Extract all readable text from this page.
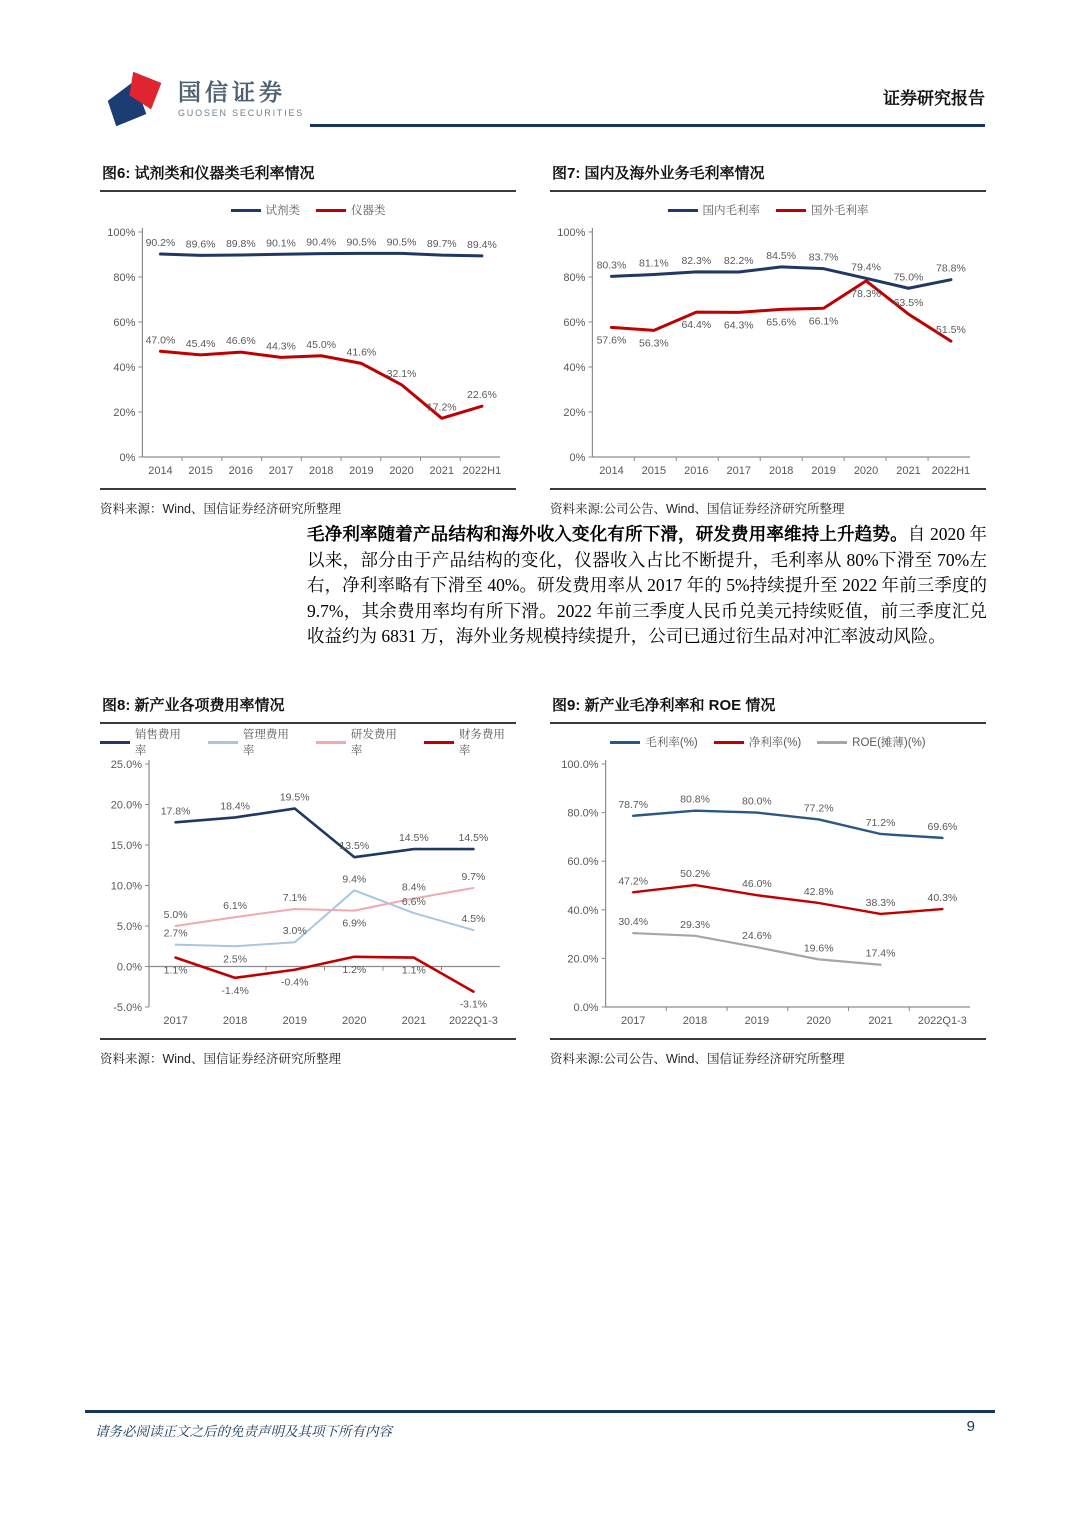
国信证券
GUOSEN SECURITIES
证券研究报告
图6: 试剂类和仪器类毛利率情况
试剂类	仪器类
0%
20%
40%
60%
80%
100%
2014 2015 2016 2017 2018 2019 2020 2021 2022H1
90.2% 89.6% 89.8% 90.1% 90.4% 90.5% 90.5% 89.7% 89.4%
47.0% 45.4% 46.6% 44.3% 45.0%
41.6%
32.1%
17.2%
22.6%
资料来源：Wind、国信证券经济研究所整理
图7: 国内及海外业务毛利率情况
国内毛利率	国外毛利率
0%
20%
40%
60%
80%
100%
2014 2015 2016 2017 2018 2019 2020 2021 2022H1
80.3% 81.1% 82.3% 82.2% 84.5% 83.7%
79.4%
75.0%
78.8%
57.6% 56.3%
64.4% 64.3% 65.6% 66.1%
78.3%
63.5%
51.5%
资料来源:公司公告、Wind、国信证券经济研究所整理
毛净利率随着产品结构和海外收入变化有所下滑，研发费用率维持上升趋势。自 2020 年以来，部分由于产品结构的变化，仪器收入占比不断提升，毛利率从 80%下滑至 70%左右，净利率略有下滑至 40%。研发费用率从 2017 年的 5%持续提升至 2022 年前三季度的 9.7%，其余费用率均有所下滑。2022 年前三季度人民币兑美元持续贬值，前三季度汇兑收益约为 6831 万，海外业务规模持续提升，公司已通过衍生品对冲汇率波动风险。
图8: 新产业各项费用率情况
销售费用率
管理费用率
研发费用率
财务费用率
-5.0%
0.0%
5.0%
10.0%
15.0%
20.0%
25.0%
2017	2018	2019	2020	2021 2022Q1-3
17.8%	18.4%
19.5%
13.5%
14.5%	14.5%
2.7%
2.5%
3.0%
9.4%
6.6%
4.5%
5.0%
6.1%
7.1%
6.9%
8.4%
9.7%
1.1%
-1.4%
-0.4%
1.2%	1.1%
-3.1%
资料来源：Wind、国信证券经济研究所整理
图9: 新产业毛净利率和 ROE 情况
毛利率(%)	净利率(%)	ROE(摊薄)(%)
0.0%
20.0%
40.0%
60.0%
80.0%
100.0%
2017	2018	2019	2020	2021 2022Q1-3
78.7%	80.8%	80.0%
77.2%
71.2%	69.6%
47.2%
50.2%
46.0%
42.8%
38.3%	40.3%
30.4%	29.3%
24.6%
19.6%	17.4%
资料来源:公司公告、Wind、国信证券经济研究所整理
请务必阅读正文之后的免责声明及其项下所有内容	9
